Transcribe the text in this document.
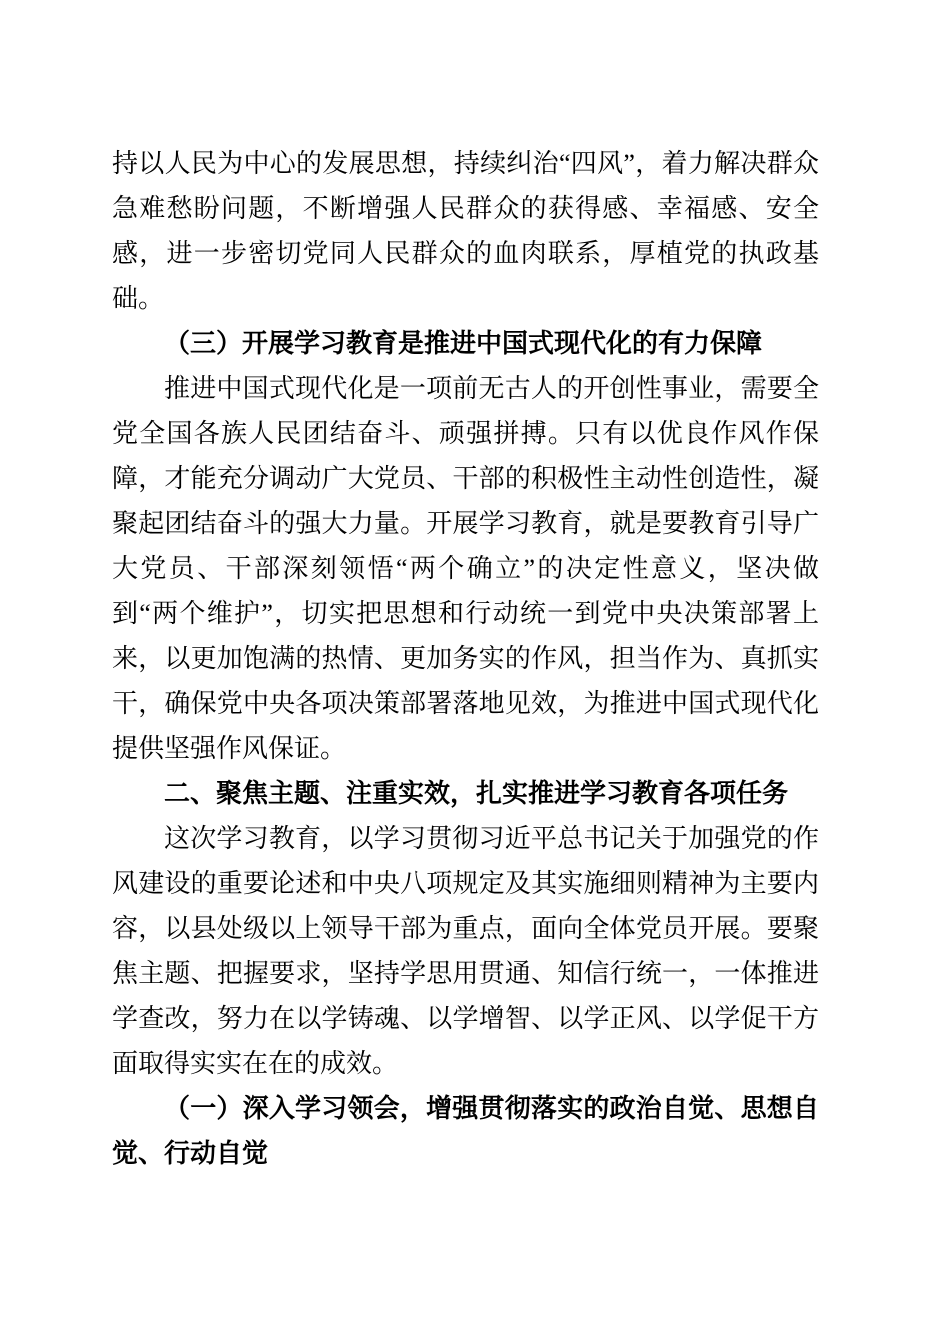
持以人民为中心的发展思想，持续纠治“四风”，着力解决群众急难愁盼问题，不断增强人民群众的获得感、幸福感、安全感，进一步密切党同人民群众的血肉联系，厚植党的执政基础。

（三）开展学习教育是推进中国式现代化的有力保障

推进中国式现代化是一项前无古人的开创性事业，需要全党全国各族人民团结奋斗、顽强拼搏。只有以优良作风作保障，才能充分调动广大党员、干部的积极性主动性创造性，凝聚起团结奋斗的强大力量。开展学习教育，就是要教育引导广大党员、干部深刻领悟“两个确立”的决定性意义，坚决做到“两个维护”，切实把思想和行动统一到党中央决策部署上来，以更加饱满的热情、更加务实的作风，担当作为、真抓实干，确保党中央各项决策部署落地见效，为推进中国式现代化提供坚强作风保证。

二、聚焦主题、注重实效，扎实推进学习教育各项任务

这次学习教育，以学习贯彻习近平总书记关于加强党的作风建设的重要论述和中央八项规定及其实施细则精神为主要内容，以县处级以上领导干部为重点，面向全体党员开展。要聚焦主题、把握要求，坚持学思用贯通、知信行统一，一体推进学查改，努力在以学铸魂、以学增智、以学正风、以学促干方面取得实实在在的成效。

（一）深入学习领会，增强贯彻落实的政治自觉、思想自觉、行动自觉
